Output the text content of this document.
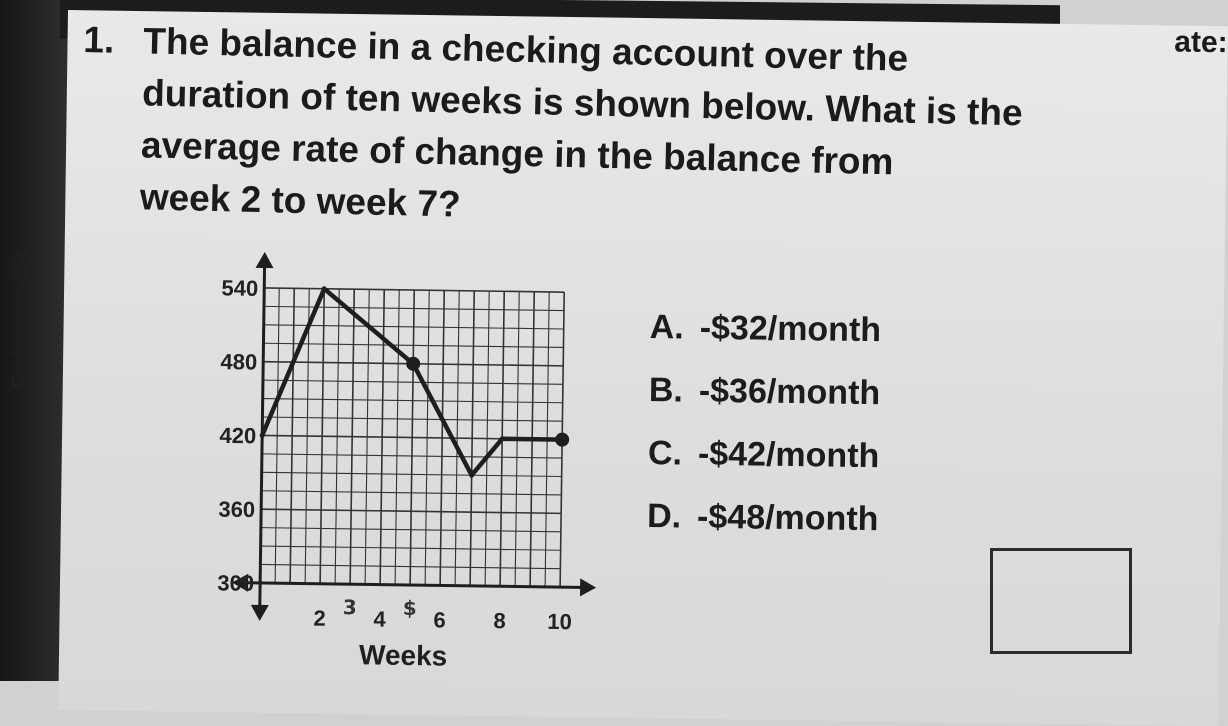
ate:
1. The balance in a checking account over the
duration of ten weeks is shown below. What is the
average rate of change in the balance from
week 2 to week 7?
540
480
420
360
300
2 4 6 8 10
3 $
Weeks
Balance ($)	A. -$32/month
B. -$36/month
C. -$42/month
D. -$48/month
